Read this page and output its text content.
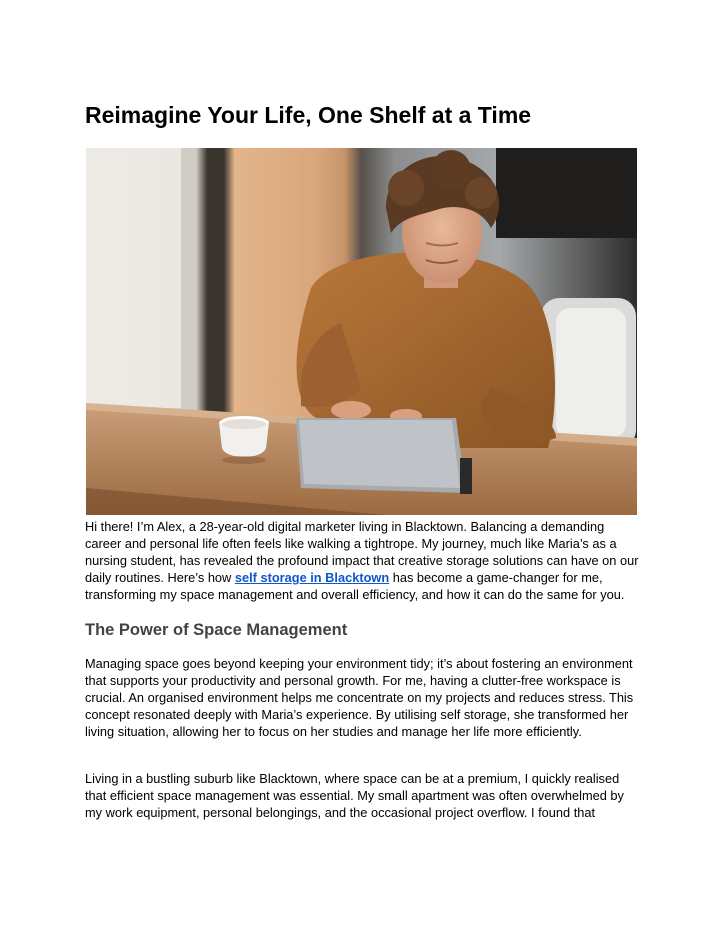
Reimagine Your Life, One Shelf at a Time

Hi there! I’m Alex, a 28-year-old digital marketer living in Blacktown. Balancing a demanding career and personal life often feels like walking a tightrope. My journey, much like Maria’s as a nursing student, has revealed the profound impact that creative storage solutions can have on our daily routines. Here’s how self storage in Blacktown has become a game-changer for me, transforming my space management and overall efficiency, and how it can do the same for you.

The Power of Space Management

Managing space goes beyond keeping your environment tidy; it’s about fostering an environment that supports your productivity and personal growth. For me, having a clutter-free workspace is crucial. An organised environment helps me concentrate on my projects and reduces stress. This concept resonated deeply with Maria’s experience. By utilising self storage, she transformed her living situation, allowing her to focus on her studies and manage her life more efficiently.

Living in a bustling suburb like Blacktown, where space can be at a premium, I quickly realised that efficient space management was essential. My small apartment was often overwhelmed by my work equipment, personal belongings, and the occasional project overflow. I found that
